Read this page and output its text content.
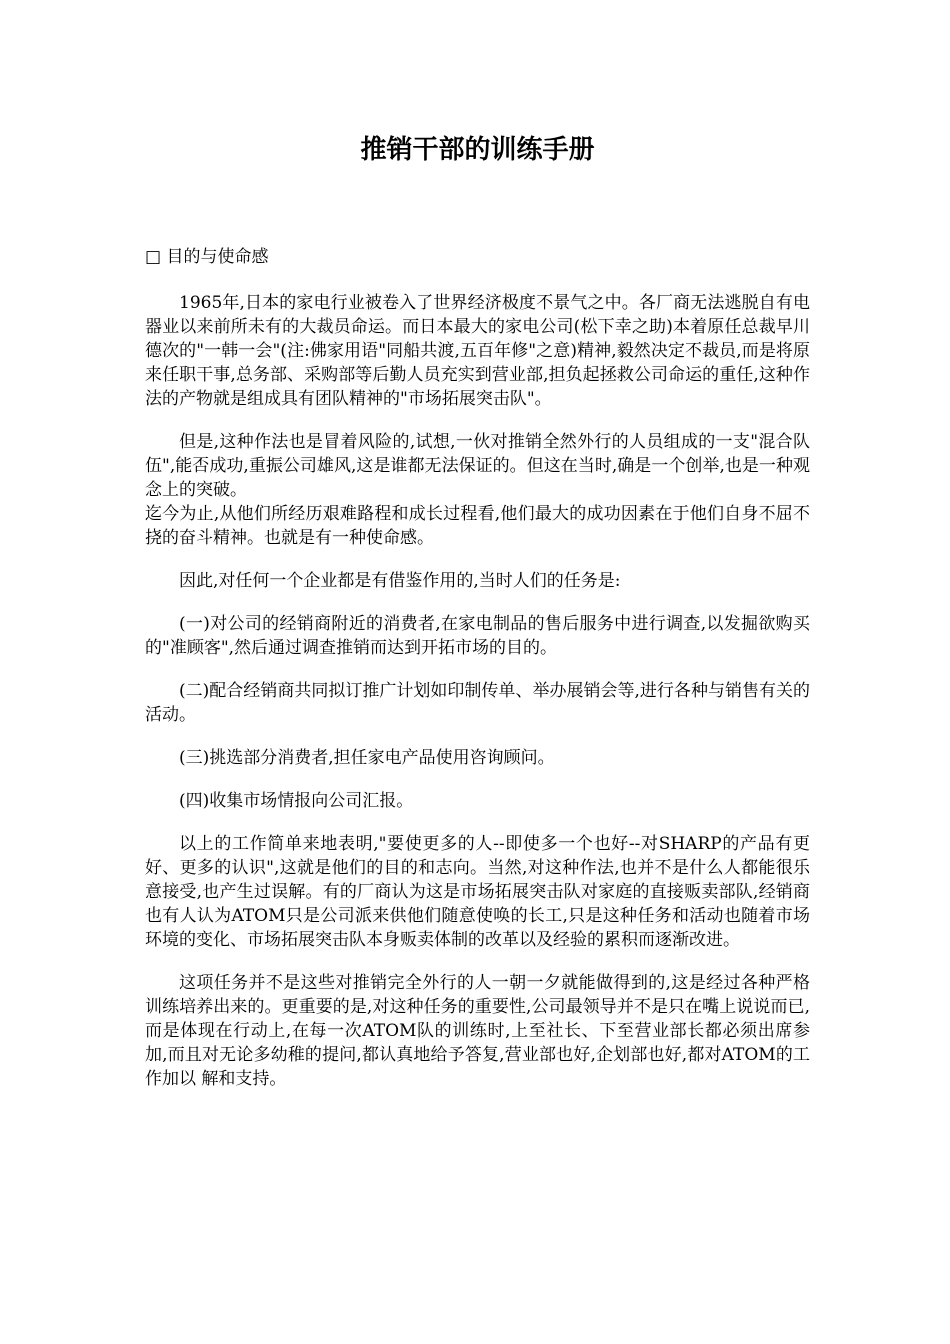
推销干部的训练手册

□ 目的与使命感

1965年,日本的家电行业被卷入了世界经济极度不景气之中。各厂商无法逃脱自有电器业以来前所未有的大裁员命运。而日本最大的家电公司(松下幸之助)本着原任总裁早川德次的"一韩一会"(注:佛家用语"同船共渡,五百年修"之意)精神,毅然决定不裁员,而是将原来任职干事,总务部、采购部等后勤人员充实到营业部,担负起拯救公司命运的重任,这种作法的产物就是组成具有团队精神的"市场拓展突击队"。

但是,这种作法也是冒着风险的,试想,一伙对推销全然外行的人员组成的一支"混合队伍",能否成功,重振公司雄风,这是谁都无法保证的。但这在当时,确是一个创举,也是一种观念上的突破。

迄今为止,从他们所经历艰难路程和成长过程看,他们最大的成功因素在于他们自身不屈不挠的奋斗精神。也就是有一种使命感。

因此,对任何一个企业都是有借鉴作用的,当时人们的任务是:

(一)对公司的经销商附近的消费者,在家电制品的售后服务中进行调查,以发掘欲购买的"准顾客",然后通过调查推销而达到开拓市场的目的。

(二)配合经销商共同拟订推广计划如印制传单、举办展销会等,进行各种与销售有关的活动。

(三)挑选部分消费者,担任家电产品使用咨询顾问。

(四)收集市场情报向公司汇报。

以上的工作简单来地表明,"要使更多的人--即使多一个也好--对SHARP的产品有更好、更多的认识",这就是他们的目的和志向。当然,对这种作法,也并不是什么人都能很乐意接受,也产生过误解。有的厂商认为这是市场拓展突击队对家庭的直接贩卖部队,经销商也有人认为ATOM只是公司派来供他们随意使唤的长工,只是这种任务和活动也随着市场环境的变化、市场拓展突击队本身贩卖体制的改革以及经验的累积而逐渐改进。

这项任务并不是这些对推销完全外行的人一朝一夕就能做得到的,这是经过各种严格训练培养出来的。更重要的是,对这种任务的重要性,公司最领导并不是只在嘴上说说而已,而是体现在行动上,在每一次ATOM队的训练时,上至社长、下至营业部长都必须出席参加,而且对无论多幼稚的提问,都认真地给予答复,营业部也好,企划部也好,都对ATOM的工作加以 解和支持。
